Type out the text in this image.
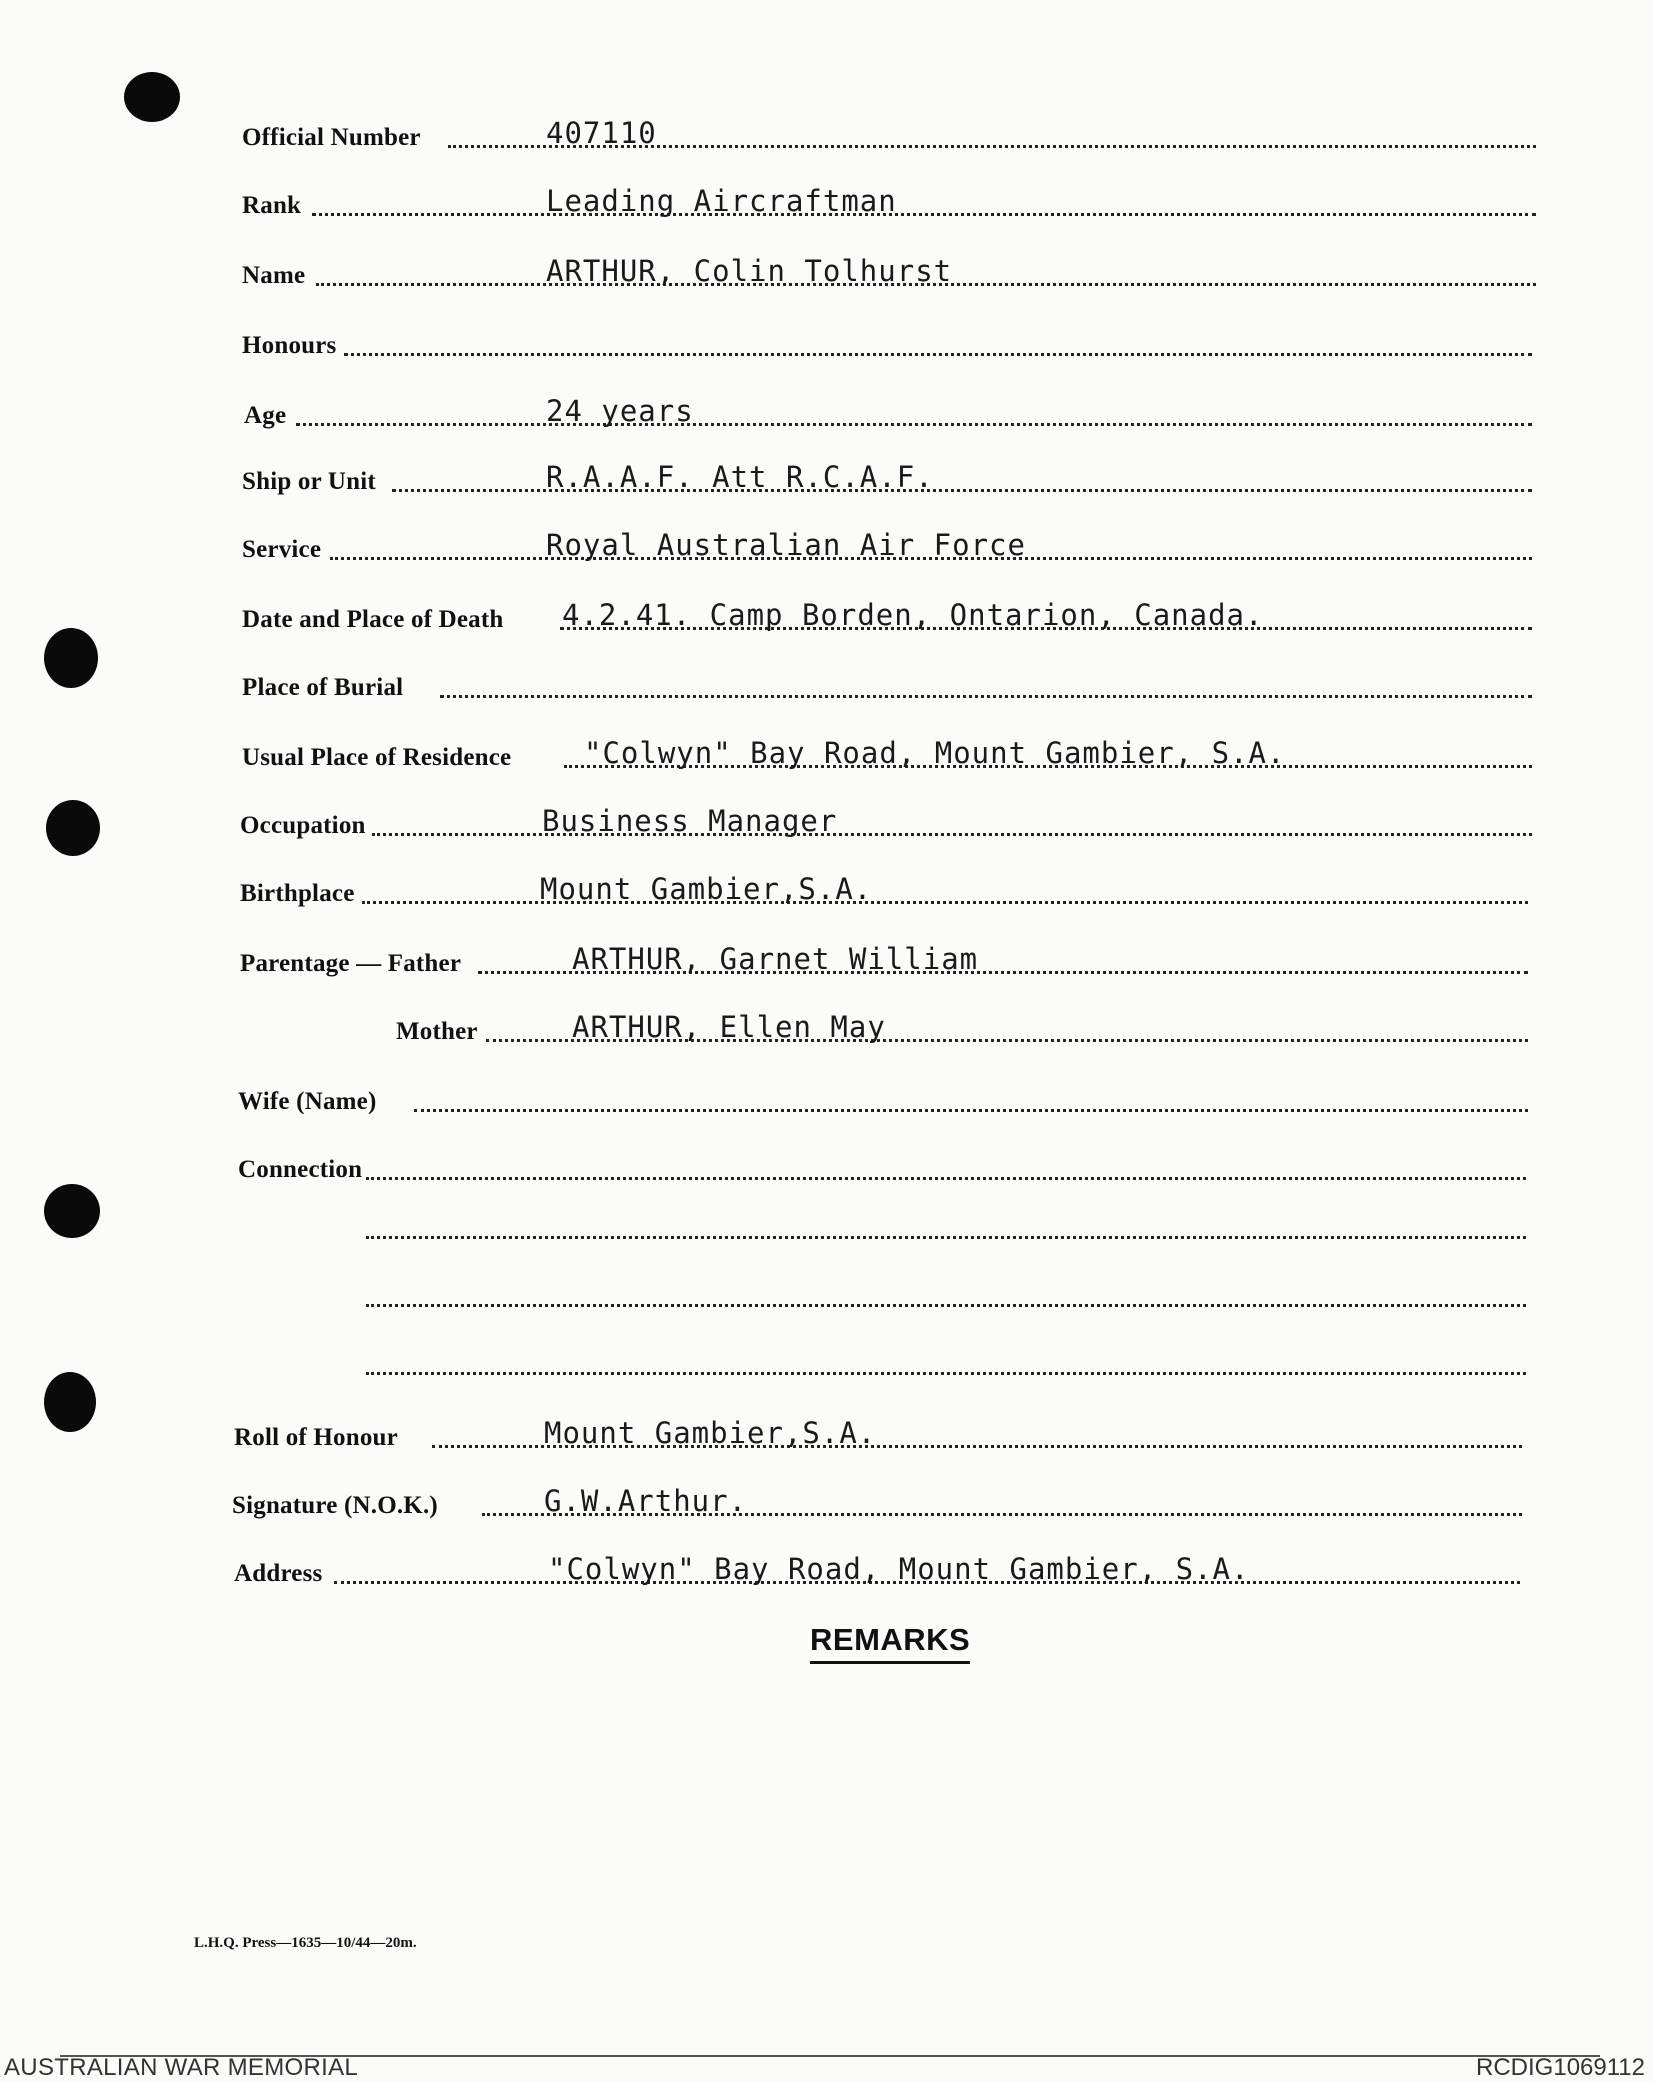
Official Number	407110
Rank	Leading Aircraftman
Name	ARTHUR, Colin Tolhurst
Honours
Age	24 years
Ship or Unit	R.A.A.F. Att R.C.A.F.
Service	Royal Australian Air Force
Date and Place of Death 4.2.41. Camp Borden, Ontarion, Canada.
Place of Burial
Usual Place of Residence	"Colwyn" Bay Road, Mount Gambier, S.A.
Occupation	Business Manager
Birthplace	Mount Gambier,S.A.
Parentage — Father	ARTHUR, Garnet William
Mother	ARTHUR, Ellen May
Wife (Name)
Connection
Roll of Honour	Mount Gambier,S.A.
Signature (N.O.K.)	G.W.Arthur.
Address	"Colwyn" Bay Road, Mount Gambier, S.A.
REMARKS
L.H.Q. Press—1635—10/44—20m.
AUSTRALIAN WAR MEMORIAL	RCDIG1069112
